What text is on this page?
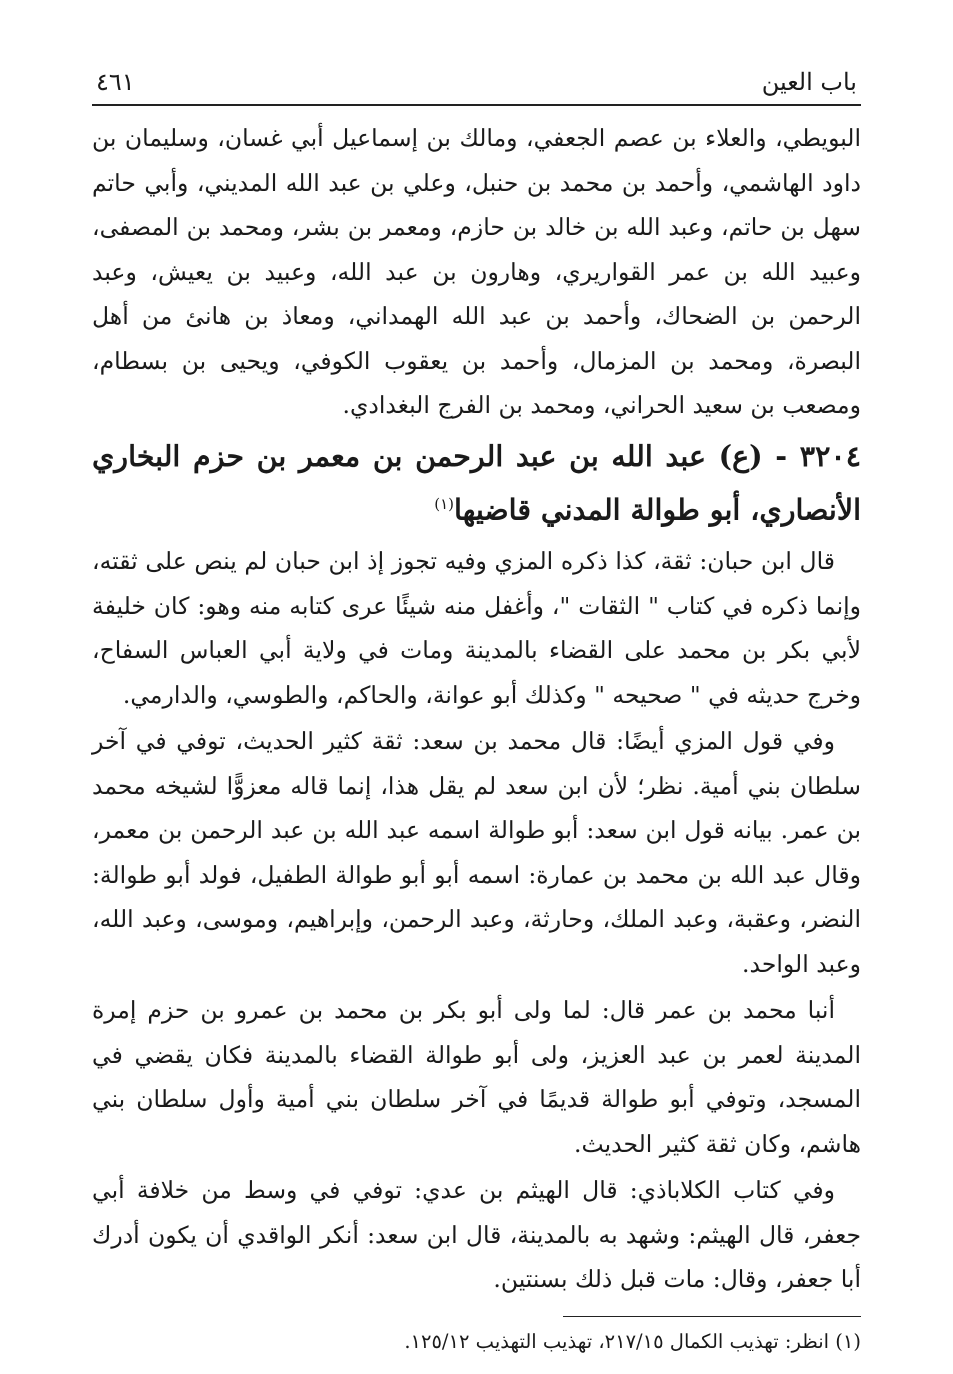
باب العين
٤٦١

البويطي، والعلاء بن عصم الجعفي، ومالك بن إسماعيل أبي غسان، وسليمان بن داود الهاشمي، وأحمد بن محمد بن حنبل، وعلي بن عبد الله المديني، وأبي حاتم سهل بن حاتم، وعبد الله بن خالد بن حازم، ومعمر بن بشر، ومحمد بن المصفى، وعبيد الله بن عمر القواريري، وهارون بن عبد الله، وعبيد بن يعيش، وعبد الرحمن بن الضحاك، وأحمد بن عبد الله الهمداني، ومعاذ بن هانئ من أهل البصرة، ومحمد بن المزمال، وأحمد بن يعقوب الكوفي، ويحيى بن بسطام، ومصعب بن سعيد الحراني، ومحمد بن الفرج البغدادي.

٣٢٠٤ - (ع) عبد الله بن عبد الرحمن بن معمر بن حزم البخاري الأنصاري، أبو طوالة المدني قاضيها$^{(١)}$

قال ابن حبان: ثقة، كذا ذكره المزي وفيه تجوز إذ ابن حبان لم ينص على ثقته، وإنما ذكره في كتاب " الثقات "، وأغفل منه شيئًا عرى كتابه منه وهو: كان خليفة لأبي بكر بن محمد على القضاء بالمدينة ومات في ولاية أبي العباس السفاح، وخرج حديثه في " صحيحه " وكذلك أبو عوانة، والحاكم، والطوسي، والدارمي.

وفي قول المزي أيضًا: قال محمد بن سعد: ثقة كثير الحديث، توفي في آخر سلطان بني أمية. نظر؛ لأن ابن سعد لم يقل هذا، إنما قاله معزوًّا لشيخه محمد بن عمر. بيانه قول ابن سعد: أبو طوالة اسمه عبد الله بن عبد الرحمن بن معمر، وقال عبد الله بن محمد بن عمارة: اسمه أبو أبو طوالة الطفيل، فولد أبو طوالة: النضر، وعقبة، وعبد الملك، وحارثة، وعبد الرحمن، وإبراهيم، وموسى، وعبد الله، وعبد الواحد.

أنبا محمد بن عمر قال: لما ولى أبو بكر بن محمد بن عمرو بن حزم إمرة المدينة لعمر بن عبد العزيز، ولى أبو طوالة القضاء بالمدينة فكان يقضي في المسجد، وتوفي أبو طوالة قديمًا في آخر سلطان بني أمية وأول سلطان بني هاشم، وكان ثقة كثير الحديث.

وفي كتاب الكلاباذي: قال الهيثم بن عدي: توفي في وسط من خلافة أبي جعفر، قال الهيثم: وشهد به بالمدينة، قال ابن سعد: أنكر الواقدي أن يكون أدرك أبا جعفر، وقال: مات قبل ذلك بسنتين.

(١) انظر: تهذيب الكمال ٢١٧/١٥، تهذيب التهذيب ١٢٥/١٢.
